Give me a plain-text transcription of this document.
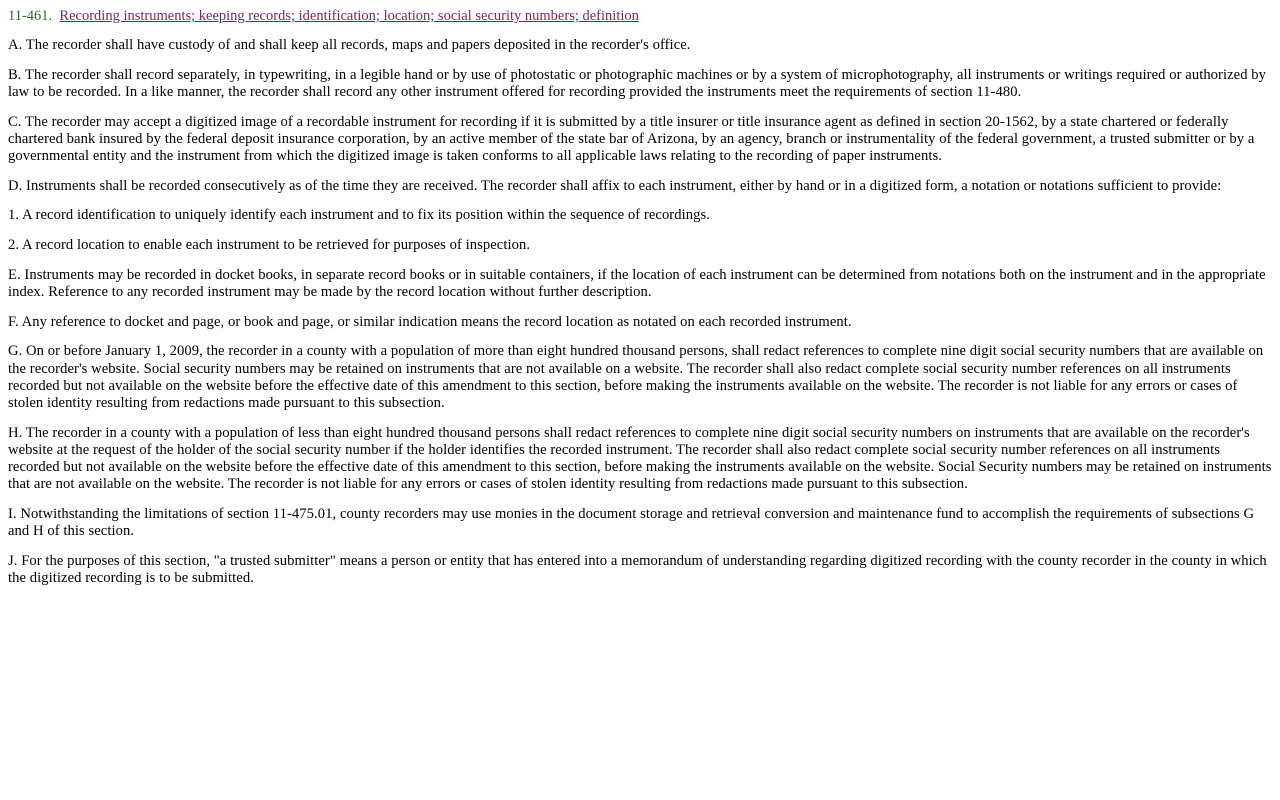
11-461. Recording instruments; keeping records; identification; location; social security numbers; definition

A. The recorder shall have custody of and shall keep all records, maps and papers deposited in the recorder's office.

B. The recorder shall record separately, in typewriting, in a legible hand or by use of photostatic or photographic machines or by a system of microphotography, all instruments or writings required or authorized by law to be recorded. In a like manner, the recorder shall record any other instrument offered for recording provided the instruments meet the requirements of section 11-480.

C. The recorder may accept a digitized image of a recordable instrument for recording if it is submitted by a title insurer or title insurance agent as defined in section 20-1562, by a state chartered or federally chartered bank insured by the federal deposit insurance corporation, by an active member of the state bar of Arizona, by an agency, branch or instrumentality of the federal government, a trusted submitter or by a governmental entity and the instrument from which the digitized image is taken conforms to all applicable laws relating to the recording of paper instruments.

D. Instruments shall be recorded consecutively as of the time they are received. The recorder shall affix to each instrument, either by hand or in a digitized form, a notation or notations sufficient to provide:

1. A record identification to uniquely identify each instrument and to fix its position within the sequence of recordings.

2. A record location to enable each instrument to be retrieved for purposes of inspection.

E. Instruments may be recorded in docket books, in separate record books or in suitable containers, if the location of each instrument can be determined from notations both on the instrument and in the appropriate index. Reference to any recorded instrument may be made by the record location without further description.

F. Any reference to docket and page, or book and page, or similar indication means the record location as notated on each recorded instrument.

G. On or before January 1, 2009, the recorder in a county with a population of more than eight hundred thousand persons, shall redact references to complete nine digit social security numbers that are available on the recorder's website. Social security numbers may be retained on instruments that are not available on a website. The recorder shall also redact complete social security number references on all instruments recorded but not available on the website before the effective date of this amendment to this section, before making the instruments available on the website. The recorder is not liable for any errors or cases of stolen identity resulting from redactions made pursuant to this subsection.

H. The recorder in a county with a population of less than eight hundred thousand persons shall redact references to complete nine digit social security numbers on instruments that are available on the recorder's website at the request of the holder of the social security number if the holder identifies the recorded instrument. The recorder shall also redact complete social security number references on all instruments recorded but not available on the website before the effective date of this amendment to this section, before making the instruments available on the website. Social Security numbers may be retained on instruments that are not available on the website. The recorder is not liable for any errors or cases of stolen identity resulting from redactions made pursuant to this subsection.

I. Notwithstanding the limitations of section 11-475.01, county recorders may use monies in the document storage and retrieval conversion and maintenance fund to accomplish the requirements of subsections G and H of this section.

J. For the purposes of this section, "a trusted submitter" means a person or entity that has entered into a memorandum of understanding regarding digitized recording with the county recorder in the county in which the digitized recording is to be submitted.
